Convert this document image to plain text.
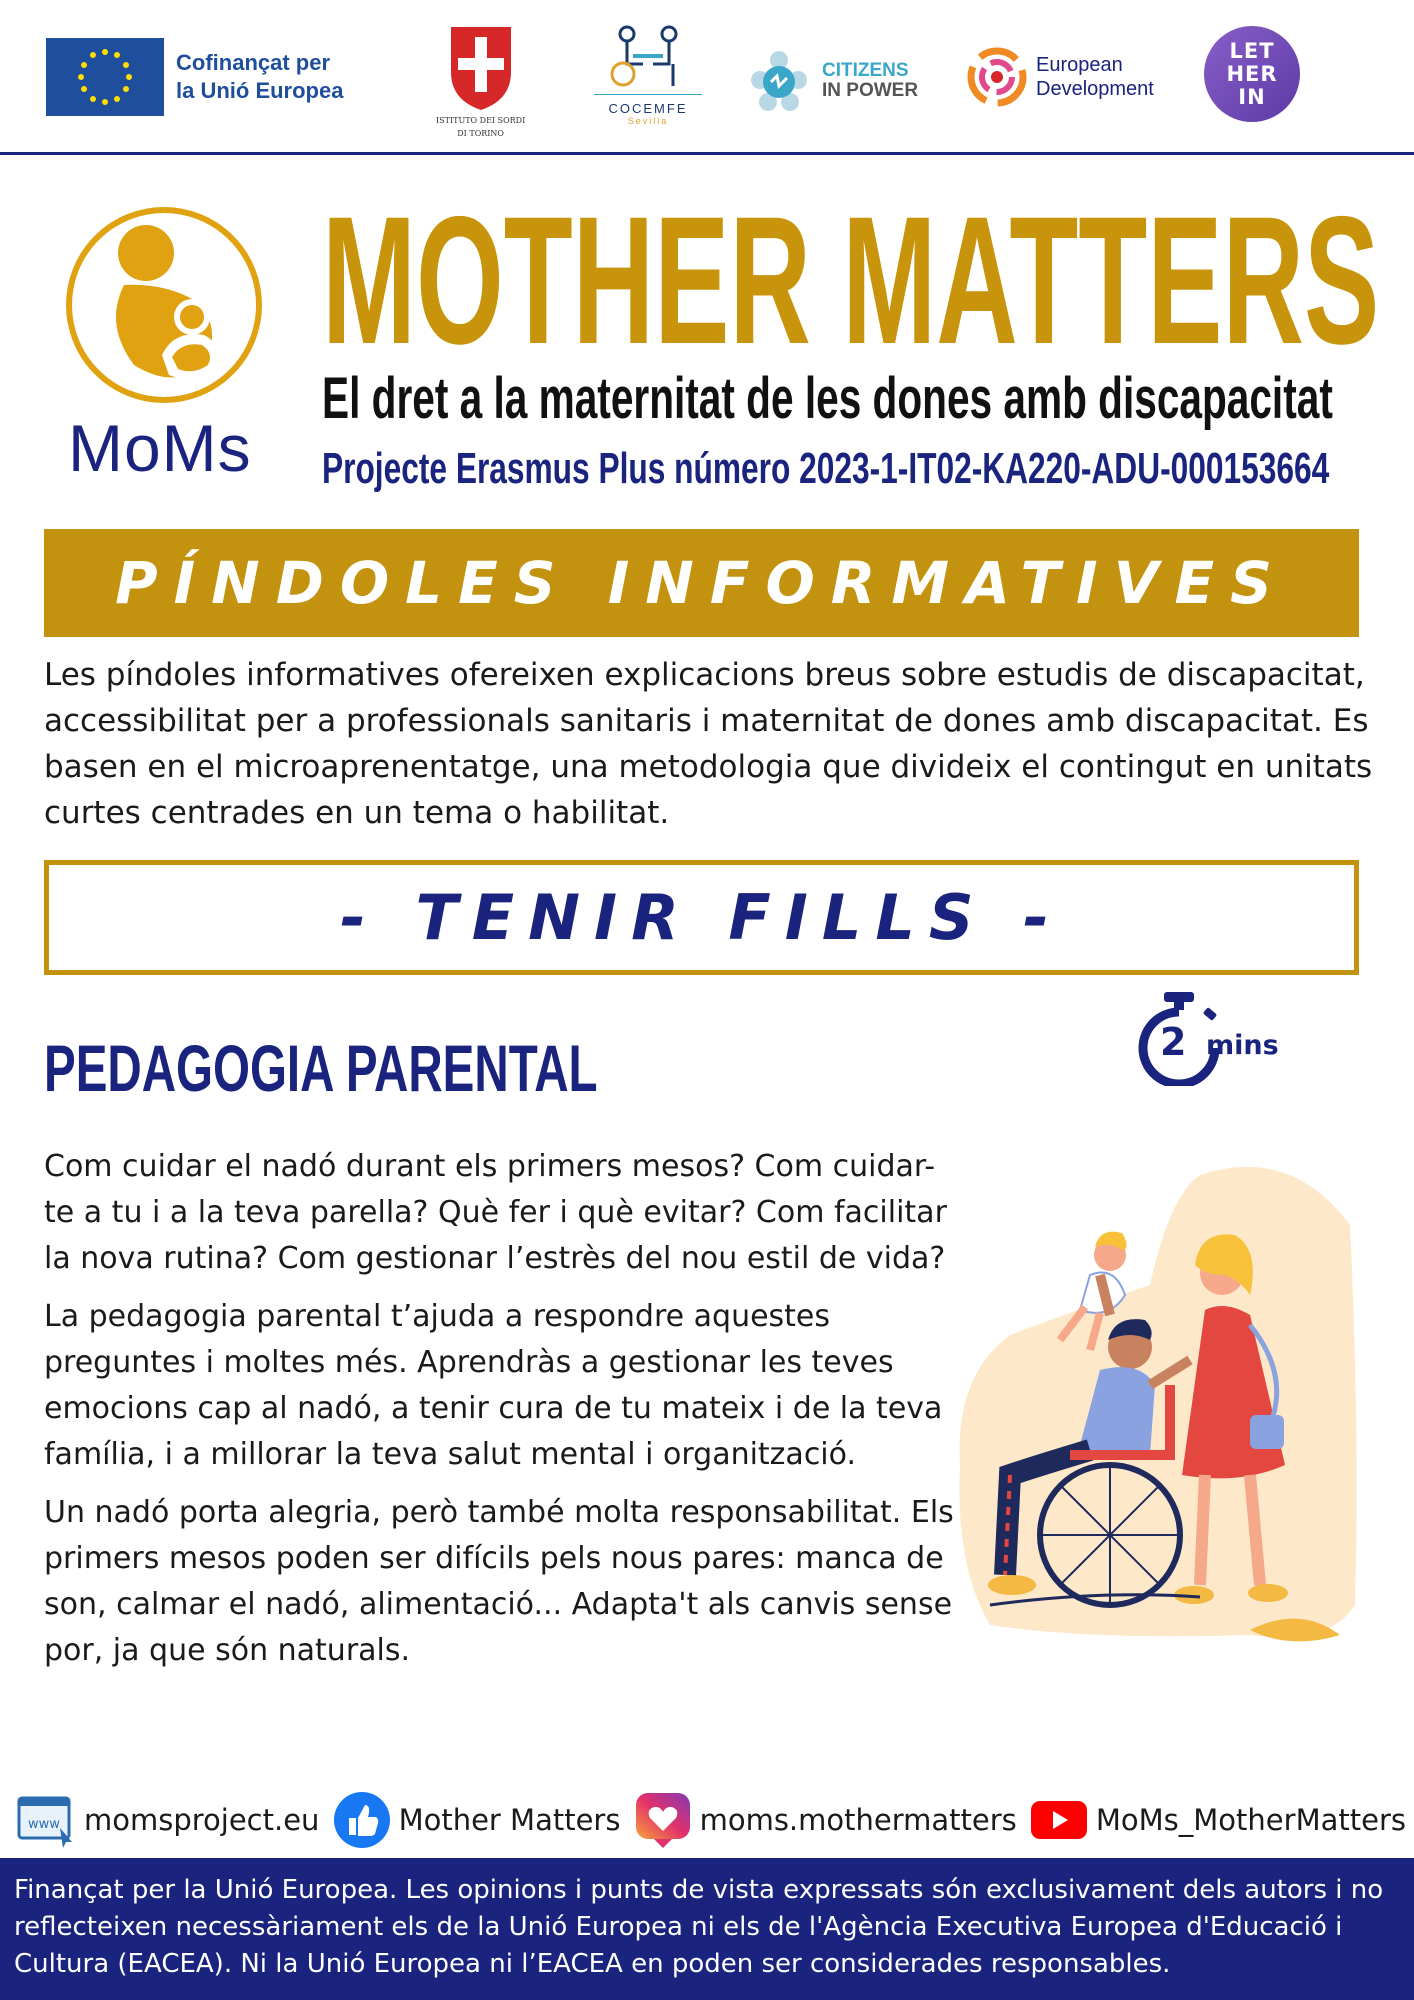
Cofinançat per
la Unió Europea
ISTITUTO DEI SORDI
DI TORINO
COCEMFE
Sevilla
CITIZENS
IN POWER
European
Development
LET
HER
IN
MoMs
MOTHER MATTERS
El dret a la maternitat de les dones amb discapacitat
Projecte Erasmus Plus número 2023-1-IT02-KA220-ADU-000153664
PÍNDOLES INFORMATIVES
Les píndoles informatives ofereixen explicacions breus sobre estudis de discapacitat, accessibilitat per a professionals sanitaris i maternitat de dones amb discapacitat. Es basen en el microaprenentatge, una metodologia que divideix el contingut en unitats curtes centrades en un tema o habilitat.
- TENIR FILLS -
PEDAGOGIA PARENTAL	2 mins

Com cuidar el nadó durant els primers mesos? Com cuidar-te a tu i a la teva parella? Què fer i què evitar? Com facilitar la nova rutina? Com gestionar l’estrès del nou estil de vida?

La pedagogia parental t’ajuda a respondre aquestes preguntes i moltes més. Aprendràs a gestionar les teves emocions cap al nadó, a tenir cura de tu mateix i de la teva família, i a millorar la teva salut mental i organització.

Un nadó porta alegria, però també molta responsabilitat. Els primers mesos poden ser difícils pels nous pares: manca de son, calmar el nadó, alimentació... Adapta't als canvis sense por, ja que són naturals.

www momsproject.eu	Mother Matters	moms.mothermatters	MoMs_MotherMatters
Finançat per la Unió Europea. Les opinions i punts de vista expressats són exclusivament dels autors i no reflecteixen necessàriament els de la Unió Europea ni els de l'Agència Executiva Europea d'Educació i Cultura (EACEA). Ni la Unió Europea ni l’EACEA en poden ser considerades responsables.
